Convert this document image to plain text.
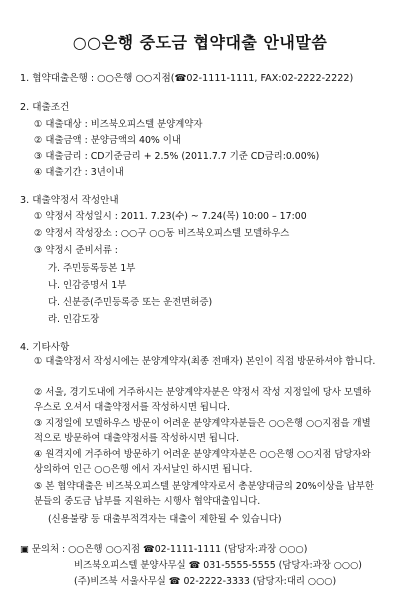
○○은행 중도금 협약대출 안내말씀
1. 협약대출은행 : ○○은행 ○○지점(☎02-1111-1111, FAX:02-2222-2222)
2. 대출조건
① 대출대상 : 비즈북오피스텔 분양계약자
② 대출금액 : 분양금액의 40% 이내
③ 대출금리 : CD기준금리 + 2.5% (2011.7.7 기준 CD금리:0.00%)
④ 대출기간 : 3년이내
3. 대출약정서 작성안내
① 약정서 작성일시 : 2011. 7.23(수) ~ 7.24(목) 10:00 – 17:00
② 약정서 작성장소 : ○○구 ○○동 비즈북오피스텔 모델하우스
③ 약정시 준비서류 :
가. 주민등록등본 1부
나. 인감증명서 1부
다. 신분증(주민등록증 또는 운전면허증)
라. 인감도장
4. 기타사항
① 대출약정서 작성시에는 분양계약자(최종 전매자) 본인이 직접 방문하셔야 합니다.
② 서울, 경기도내에 거주하시는 분양계약자분은 약정서 작성 지정일에 당사 모델하우스로 오셔서 대출약정서를 작성하시면 됩니다.
③ 지정일에 모델하우스 방문이 어려운 분양계약자분들은 ○○은행 ○○지점을 개별적으로 방문하여 대출약정서를 작성하시면 됩니다.
④ 원격지에 거주하여 방문하기 어려운 분양계약자분은 ○○은행 ○○지점 담당자와 상의하여 인근 ○○은행 에서 자서날인 하시면 됩니다.
⑤ 본 협약대출은 비즈북오피스텔 분양계약자로서 총분양대금의 20%이상을 납부한 분들의 중도금 납부를 지원하는 시행사 협약대출입니다.
(신용불량 등 대출부적격자는 대출이 제한될 수 있습니다)
▣ 문의처 : ○○은행 ○○지점 ☎02-1111-1111 (담당자:과장 ○○○)
비즈북오피스텔 분양사무실 ☎ 031-5555-5555 (담당자:과장 ○○○)
(주)비즈북 서울사무실 ☎ 02-2222-3333 (담당자:대리 ○○○)
